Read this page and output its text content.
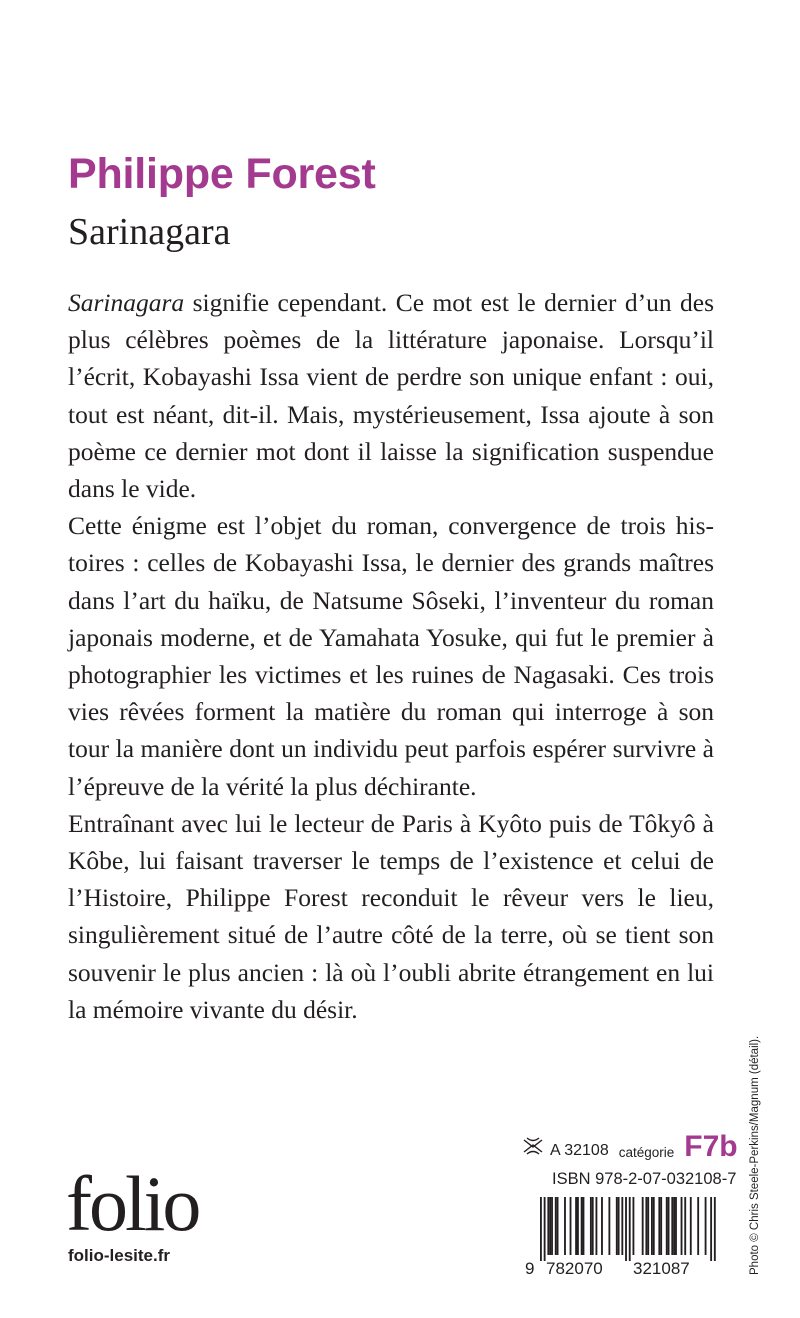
Philippe Forest
Sarinagara

Sarinagara signifie cependant. Ce mot est le dernier d’un des plus célèbres poèmes de la littérature japonaise. Lorsqu’il l’écrit, Kobayashi Issa vient de perdre son unique enfant : oui, tout est néant, dit-il. Mais, mystérieusement, Issa ajoute à son poème ce dernier mot dont il laisse la signification suspendue dans le vide.

Cette énigme est l’objet du roman, convergence de trois histoires : celles de Kobayashi Issa, le dernier des grands maîtres dans l’art du haïku, de Natsume Sôseki, l’inventeur du roman japonais moderne, et de Yamahata Yosuke, qui fut le premier à photographier les victimes et les ruines de Nagasaki. Ces trois vies rêvées forment la matière du roman qui interroge à son tour la manière dont un individu peut parfois espérer survivre à l’épreuve de la vérité la plus déchirante.

Entraînant avec lui le lecteur de Paris à Kyôto puis de Tôkyô à Kôbe, lui faisant traverser le temps de l’existence et celui de l’Histoire, Philippe Forest reconduit le rêveur vers le lieu, singulièrement situé de l’autre côté de la terre, où se tient son souvenir le plus ancien : là où l’oubli abrite étrangement en lui la mémoire vivante du désir.

Photo © Chris Steele-Perkins/Magnum (détail).
A 32108 catégorie F7b
ISBN 978-2-07-032108-7
9 782070 321087
folio
folio-lesite.fr
